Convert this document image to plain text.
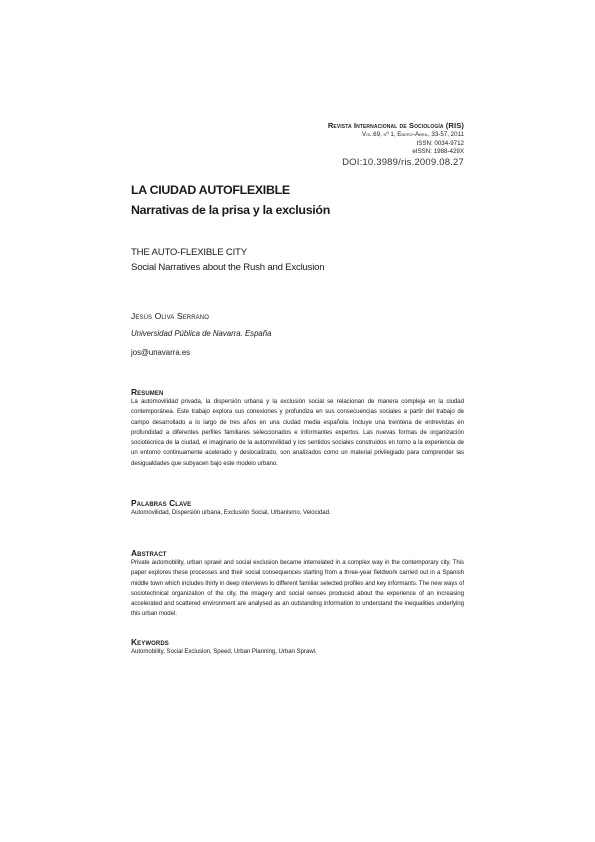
Revista Internacional de Sociología (RIS)
Vol.69, nº 1, Enero-Abril, 33-57, 2011
ISSN: 0034-9712
eISSN: 1988-429X
DOI:10.3989/ris.2009.08.27
LA CIUDAD AUTOFLEXIBLE
Narrativas de la prisa y la exclusión
THE AUTO-FLEXIBLE CITY
Social Narratives about the Rush and Exclusion
Jesús Oliva Serrano
Universidad Pública de Navarra. España
jos@unavarra.es
Resumen
La automovilidad privada, la dispersión urbana y la exclusión social se relacionan de manera compleja en la ciudad contemporánea. Este trabajo explora sus conexiones y profundiza en sus consecuencias sociales a partir del trabajo de campo desarrollado a lo largo de tres años en una ciudad media española. Incluye una treintena de entrevistas en profundidad a diferentes perfiles familiares seleccionados e informantes expertos. Las nuevas formas de organización sociotécnica de la ciudad, el imaginario de la automovilidad y los sentidos sociales construidos en torno a la experiencia de un entorno continuamente acelerado y deslocalizado, son analizados como un material privilegiado para comprender las desigualdades que subyacen bajo este modelo urbano.
Palabras Clave
Automovilidad, Dispersión urbana, Exclusión Social, Urbanismo, Velocidad.
Abstract
Private automobility, urban sprawl and social exclusion became interrelated in a complex way in the contemporary city. This paper explores these processes and their social consequences starting from a three-year fieldwork carried out in a Spanish middle town which includes thirty in deep interviews to different familiar selected profiles and key informants. The new ways of sociotechnical organization of the city, the imagery and social senses produced about the experience of an increasing accelerated and scattered environment are analysed as an outstanding information to understand the inequalities underlying this urban model.
Keywords
Automobility, Social Exclusion, Speed, Urban Planning, Urban Sprawl.
